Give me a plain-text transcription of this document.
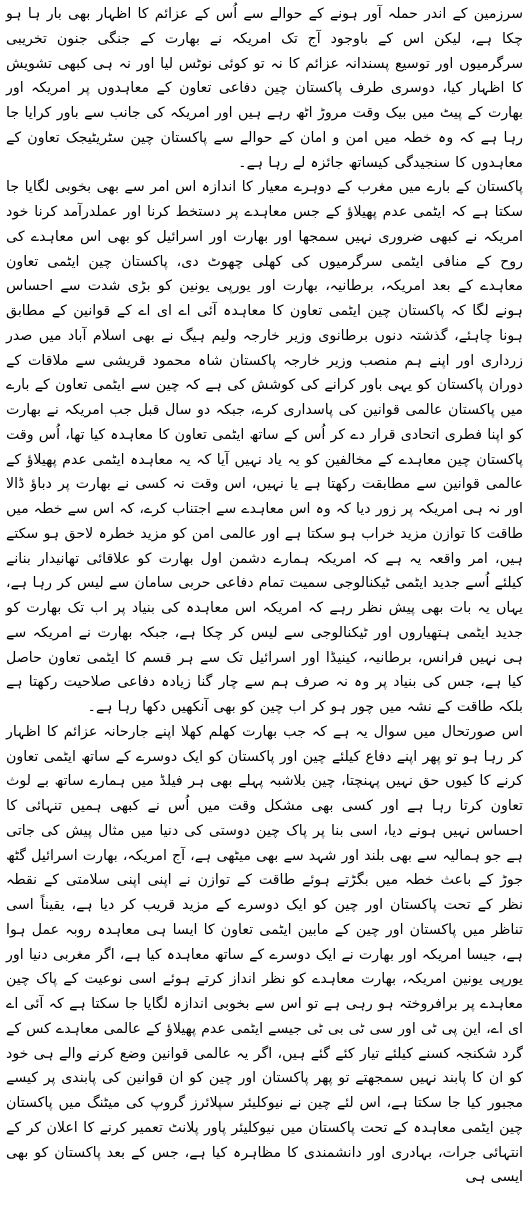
سرزمین کے اندر حملہ آور ہونے کے حوالے سے اُس کے عزائم کا اظہار بھی بار ہا ہو چکا ہے، لیکن اس کے باوجود آج تک امریکہ نے بھارت کے جنگی جنون تخریبی سرگرمیوں اور توسیع پسندانہ عزائم کا نہ تو کوئی نوٹس لیا اور نہ ہی کبھی تشویش کا اظہار کیا، دوسری طرف پاکستان چین دفاعی تعاون کے معاہدوں پر امریکہ اور بھارت کے پیٹ میں بیک وقت مروڑ اٹھ رہے ہیں اور امریکہ کی جانب سے باور کرایا جا رہا ہے کہ وہ خطہ میں امن و امان کے حوالے سے پاکستان چین سٹریٹیجک تعاون کے معاہدوں کا سنجیدگی کیساتھ جائزہ لے رہا ہے۔

پاکستان کے بارے میں مغرب کے دوہرے معیار کا اندازہ اس امر سے بھی بخوبی لگایا جا سکتا ہے کہ ایٹمی عدم پھیلاؤ کے جس معاہدے پر دستخط کرنا اور عملدرآمد کرنا خود امریکہ نے کبھی ضروری نہیں سمجھا اور بھارت اور اسرائیل کو بھی اس معاہدے کی روح کے منافی ایٹمی سرگرمیوں کی کھلی چھوٹ دی، پاکستان چین ایٹمی تعاون معاہدے کے بعد امریکہ، برطانیہ، بھارت اور یورپی یونین کو بڑی شدت سے احساس ہونے لگا کہ پاکستان چین ایٹمی تعاون کا معاہدہ آئی اے ای اے کے قوانین کے مطابق ہونا چاہئے، گذشتہ دنوں برطانوی وزیر خارجہ ولیم ہیگ نے بھی اسلام آباد میں صدر زرداری اور اپنے ہم منصب وزیر خارجہ پاکستان شاہ محمود قریشی سے ملاقات کے دوران پاکستان کو یہی باور کرانے کی کوشش کی ہے کہ چین سے ایٹمی تعاون کے بارے میں پاکستان عالمی قوانین کی پاسداری کرے، جبکہ دو سال قبل جب امریکہ نے بھارت کو اپنا فطری اتحادی قرار دے کر اُس کے ساتھ ایٹمی تعاون کا معاہدہ کیا تھا، اُس وقت پاکستان چین معاہدے کے مخالفین کو یہ یاد نہیں آیا کہ یہ معاہدہ ایٹمی عدم پھیلاؤ کے عالمی قوانین سے مطابقت رکھتا ہے یا نہیں، اس وقت نہ کسی نے بھارت پر دباؤ ڈالا اور نہ ہی امریکہ پر زور دیا کہ وہ اس معاہدے سے اجتناب کرے، کہ اس سے خطہ میں طاقت کا توازن مزید خراب ہو سکتا ہے اور عالمی امن کو مزید خطرہ لاحق ہو سکتے ہیں، امر واقعہ یہ ہے کہ امریکہ ہمارے دشمن اول بھارت کو علاقائی تھانیدار بنانے کیلئے اُسے جدید ایٹمی ٹیکنالوجی سمیت تمام دفاعی حربی سامان سے لیس کر رہا ہے، یہاں یہ بات بھی پیش نظر رہے کہ امریکہ اس معاہدہ کی بنیاد پر اب تک بھارت کو جدید ایٹمی ہتھیاروں اور ٹیکنالوجی سے لیس کر چکا ہے، جبکہ بھارت نے امریکہ سے ہی نہیں فرانس، برطانیہ، کینیڈا اور اسرائیل تک سے ہر قسم کا ایٹمی تعاون حاصل کیا ہے، جس کی بنیاد پر وہ نہ صرف ہم سے چار گنا زیادہ دفاعی صلاحیت رکھتا ہے بلکہ طاقت کے نشہ میں چور ہو کر اب چین کو بھی آنکھیں دکھا رہا ہے۔

اس صورتحال میں سوال یہ ہے کہ جب بھارت کھلم کھلا اپنے جارحانہ عزائم کا اظہار کر رہا ہو تو پھر اپنے دفاع کیلئے چین اور پاکستان کو ایک دوسرے کے ساتھ ایٹمی تعاون کرنے کا کیوں حق نہیں پہنچتا، چین بلاشبہ پہلے بھی ہر فیلڈ میں ہمارے ساتھ بے لوث تعاون کرتا رہا ہے اور کسی بھی مشکل وقت میں اُس نے کبھی ہمیں تنہائی کا احساس نہیں ہونے دیا، اسی بنا پر پاک چین دوستی کی دنیا میں مثال پیش کی جاتی ہے جو ہمالیہ سے بھی بلند اور شہد سے بھی میٹھی ہے، آج امریکہ، بھارت اسرائیل گٹھ جوڑ کے باعث خطہ میں بگڑتے ہوئے طاقت کے توازن نے اپنی اپنی سلامتی کے نقطہ نظر کے تحت پاکستان اور چین کو ایک دوسرے کے مزید قریب کر دیا ہے، یقیناً اسی تناظر میں پاکستان اور چین کے مابین ایٹمی تعاون کا ایسا ہی معاہدہ روبہ عمل ہوا ہے، جیسا امریکہ اور بھارت نے ایک دوسرے کے ساتھ معاہدہ کیا ہے، اگر مغربی دنیا اور یورپی یونین امریکہ، بھارت معاہدے کو نظر انداز کرتے ہوئے اسی نوعیت کے پاک چین معاہدے پر برافروختہ ہو رہی ہے تو اس سے بخوبی اندازہ لگایا جا سکتا ہے کہ آئی اے ای اے، این پی ٹی اور سی ٹی بی ٹی جیسے ایٹمی عدم پھیلاؤ کے عالمی معاہدے کس کے گرد شکنجہ کسنے کیلئے تیار کئے گئے ہیں، اگر یہ عالمی قوانین وضع کرنے والے ہی خود کو ان کا پابند نہیں سمجھتے تو پھر پاکستان اور چین کو ان قوانین کی پابندی پر کیسے مجبور کیا جا سکتا ہے، اس لئے چین نے نیوکلیئر سپلائرز گروپ کی میٹنگ میں پاکستان چین ایٹمی معاہدہ کے تحت پاکستان میں نیوکلیئر پاور پلانٹ تعمیر کرنے کا اعلان کر کے انتہائی جرات، بہادری اور دانشمندی کا مظاہرہ کیا ہے، جس کے بعد پاکستان کو بھی ایسی ہی
